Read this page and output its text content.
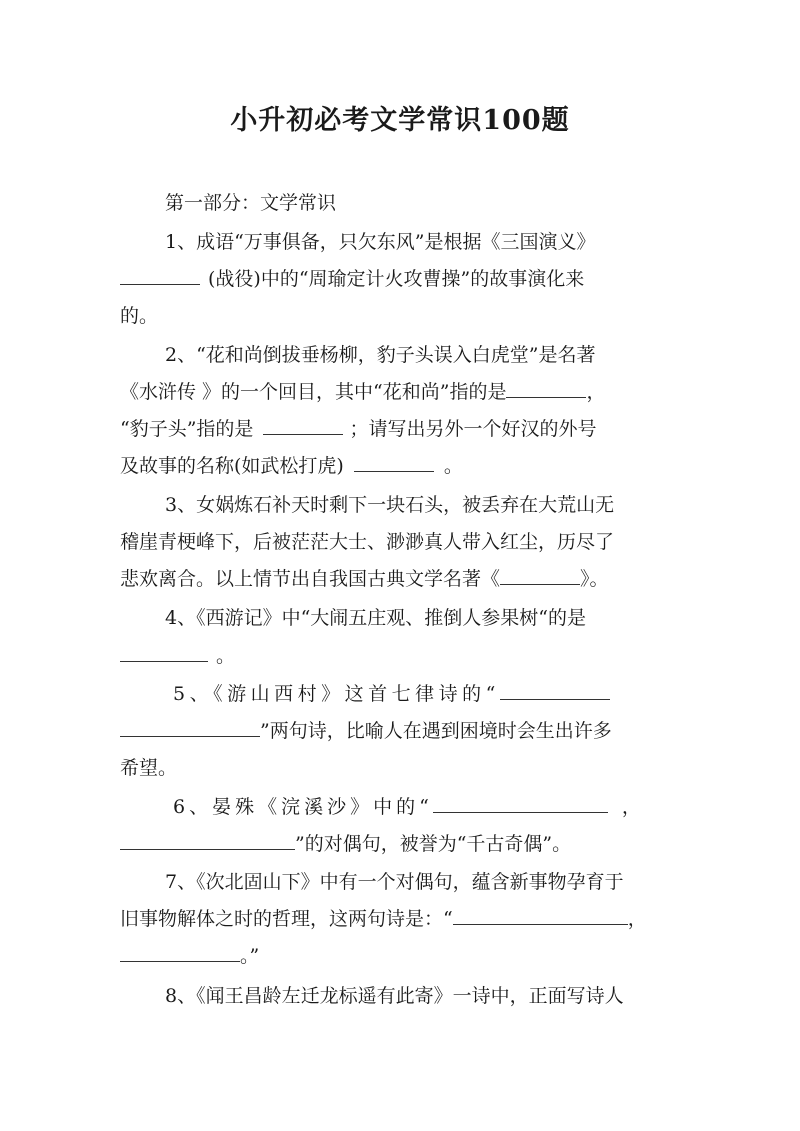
小升初必考文学常识100题

第一部分：文学常识

1、成语“万事俱备，只欠东风”是根据《三国演义》

(战役)中的“周瑜定计火攻曹操”的故事演化来

的。

2、“花和尚倒拔垂杨柳，豹子头误入白虎堂”是名著

《水浒传 》的一个回目，其中“花和尚”指的是	，

“豹子头”指的是	；请写出另外一个好汉的外号

及故事的名称(如武松打虎)	。

3、女娲炼石补天时剩下一块石头，被丢弃在大荒山无

稽崖青梗峰下，后被茫茫大士、渺渺真人带入红尘，历尽了

悲欢离合。以上情节出自我国古典文学名著《	》。

4、《西游记》中“大闹五庄观、推倒人参果树“的是

。

5、《游山西村》这首七律诗的“

”两句诗，比喻人在遇到困境时会生出许多

希望。

6、晏殊《浣溪沙》中的“	，

”的对偶句，被誉为“千古奇偶”。

7、《次北固山下》中有一个对偶句，蕴含新事物孕育于

旧事物解体之时的哲理，这两句诗是：“	，

。”

8、《闻王昌龄左迁龙标遥有此寄》一诗中，正面写诗人
